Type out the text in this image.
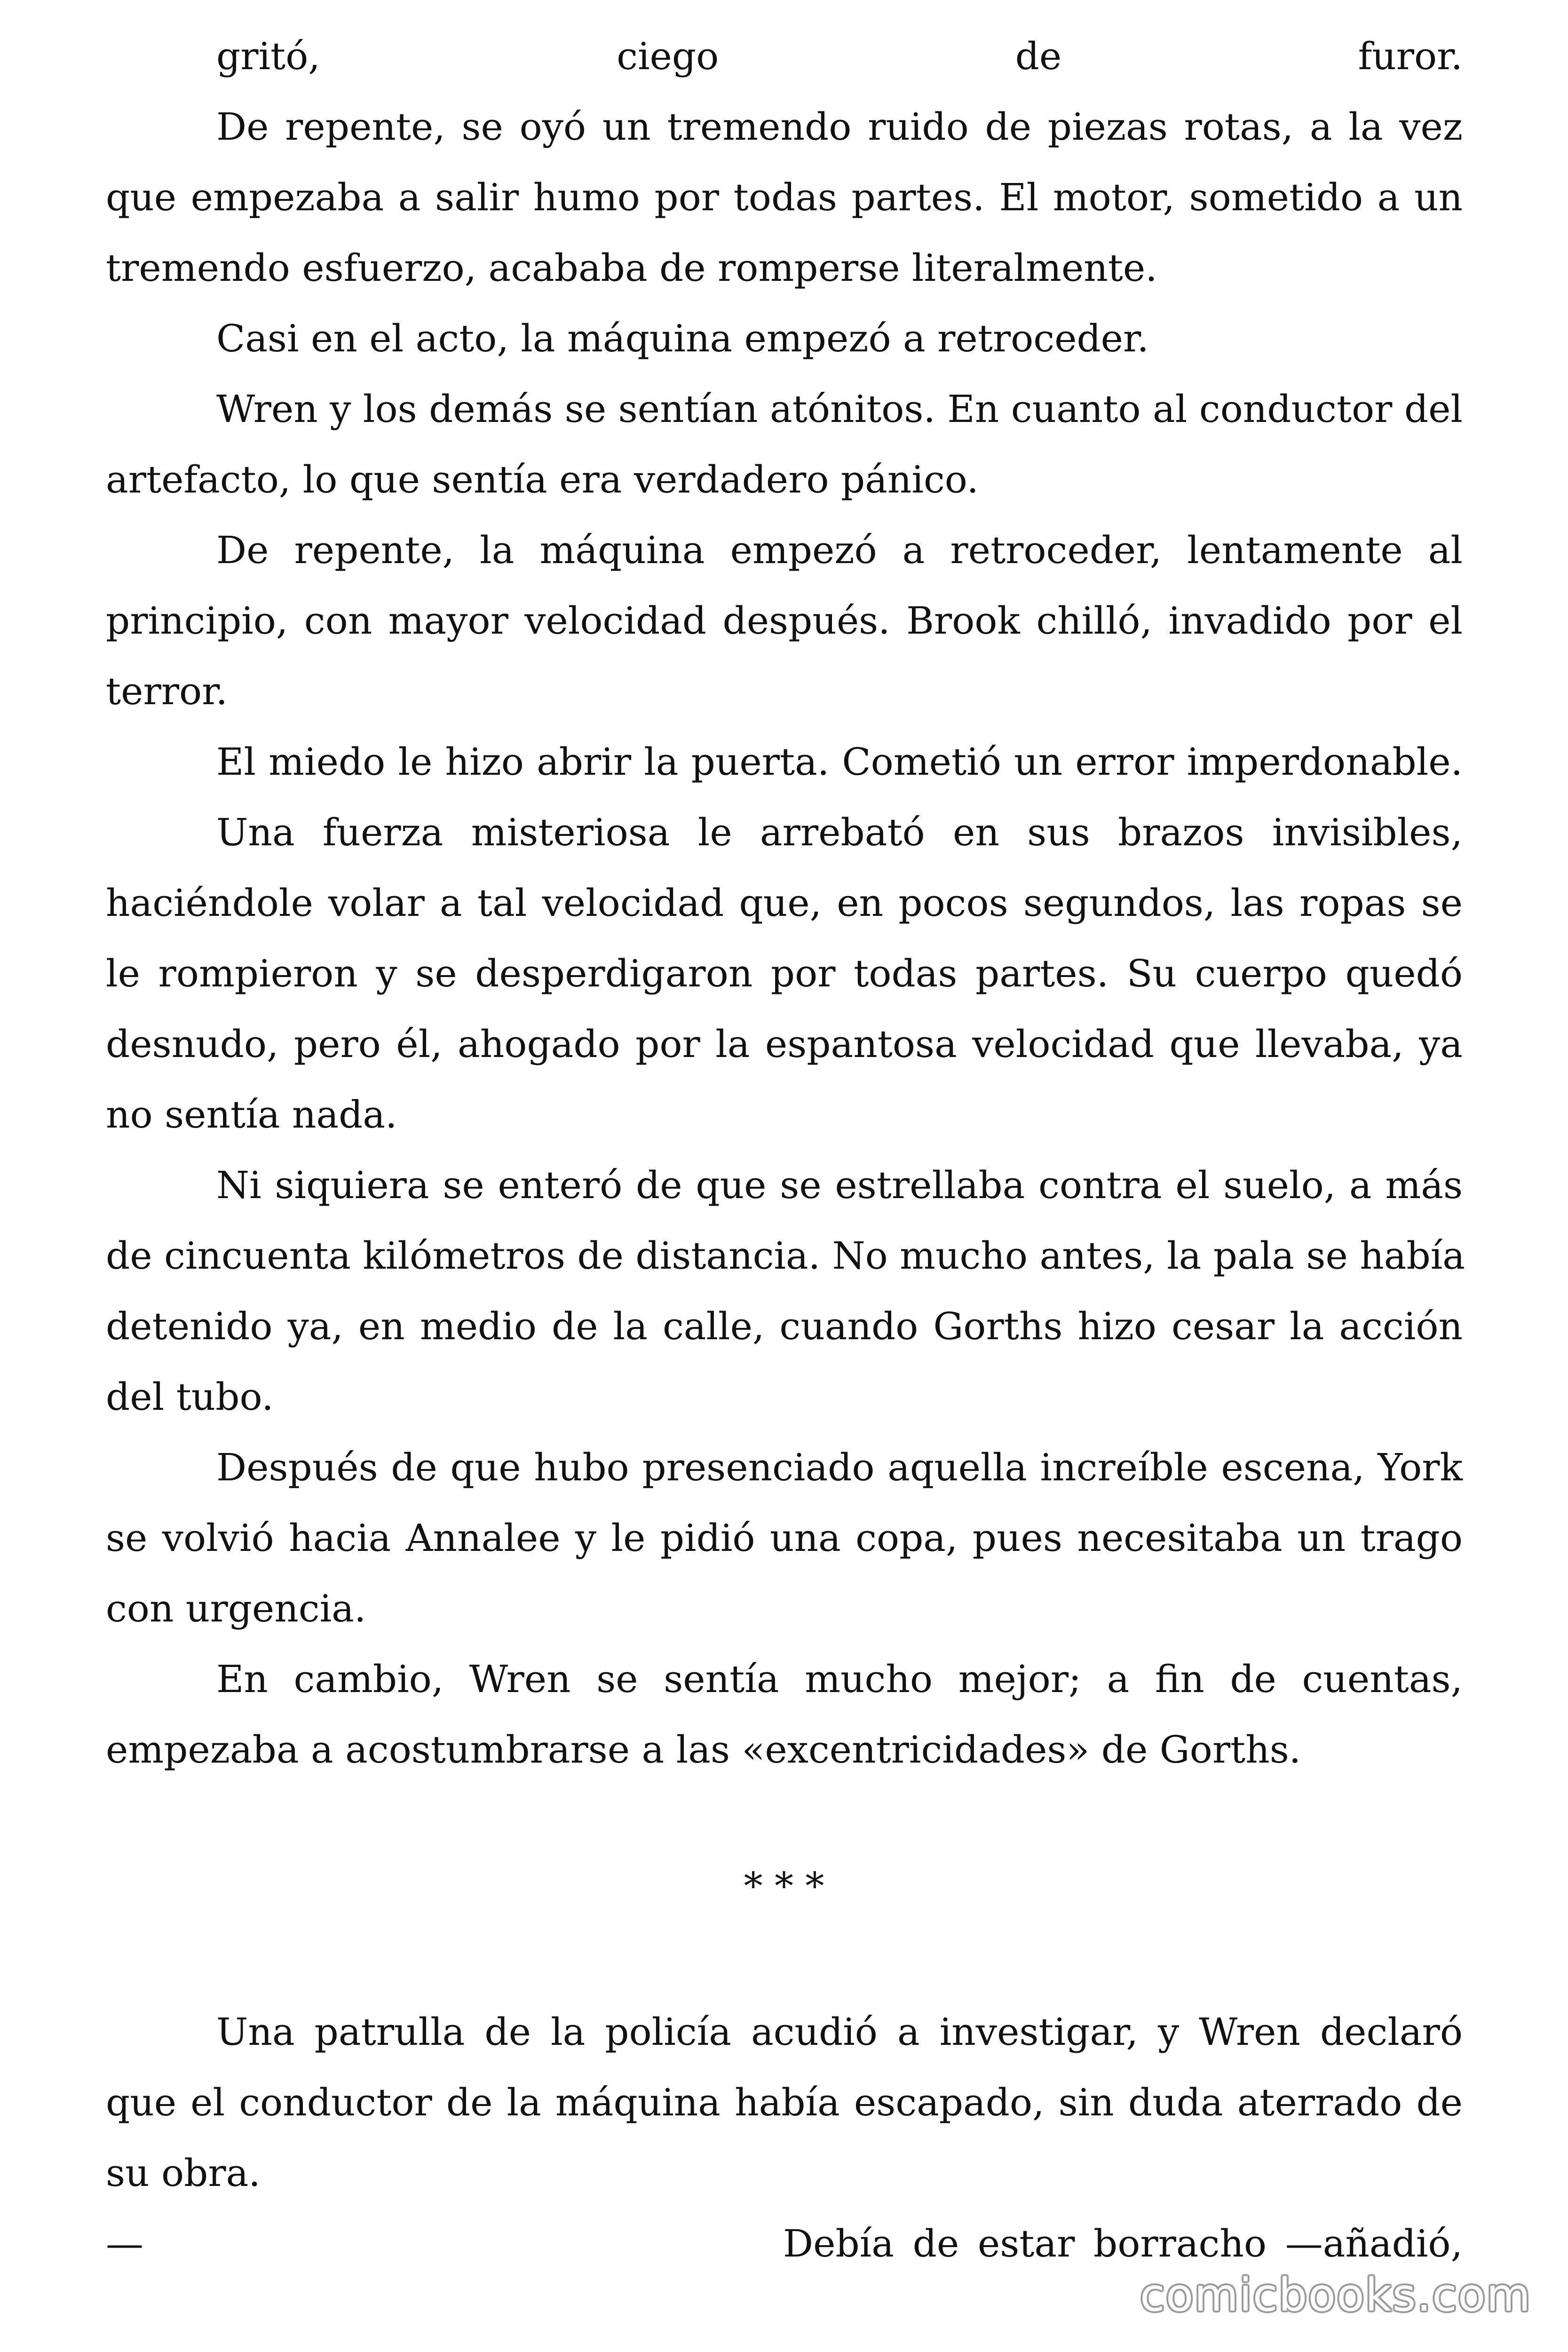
gritó, ciego de furor.

De repente, se oyó un tremendo ruido de piezas rotas, a la vez

que empezaba a salir humo por todas partes. El motor, sometido a un

tremendo esfuerzo, acababa de romperse literalmente.

Casi en el acto, la máquina empezó a retroceder.

Wren y los demás se sentían atónitos. En cuanto al conductor del

artefacto, lo que sentía era verdadero pánico.

De repente, la máquina empezó a retroceder, lentamente al

principio, con mayor velocidad después. Brook chilló, invadido por el

terror.

El miedo le hizo abrir la puerta. Cometió un error imperdonable.

Una fuerza misteriosa le arrebató en sus brazos invisibles,

haciéndole volar a tal velocidad que, en pocos segundos, las ropas se

le rompieron y se desperdigaron por todas partes. Su cuerpo quedó

desnudo, pero él, ahogado por la espantosa velocidad que llevaba, ya

no sentía nada.

Ni siquiera se enteró de que se estrellaba contra el suelo, a más

de cincuenta kilómetros de distancia. No mucho antes, la pala se había

detenido ya, en medio de la calle, cuando Gorths hizo cesar la acción

del tubo.

Después de que hubo presenciado aquella increíble escena, York

se volvió hacia Annalee y le pidió una copa, pues necesitaba un trago

con urgencia.

En cambio, Wren se sentía mucho mejor; a fin de cuentas,

empezaba a acostumbrarse a las «excentricidades» de Gorths.

* * *

Una patrulla de la policía acudió a investigar, y Wren declaró

que el conductor de la máquina había escapado, sin duda aterrado de

su obra.

—	Debía de estar borracho —añadió,

comicbooks.com
